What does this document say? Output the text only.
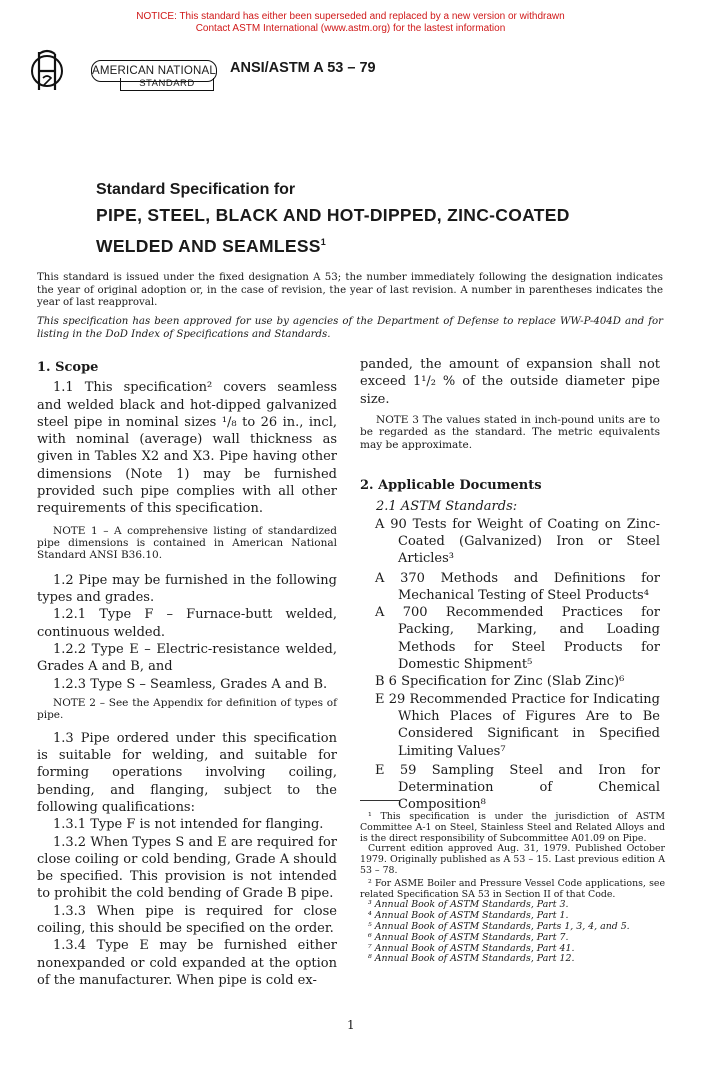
NOTICE: This standard has either been superseded and replaced by a new version or withdrawn
Contact ASTM International (www.astm.org) for the lastest information
AMERICAN NATIONAL
STANDARD
ANSI/ASTM A 53 – 79
Standard Specification for
PIPE, STEEL, BLACK AND HOT-DIPPED, ZINC-COATED
WELDED AND SEAMLESS$^1$
This standard is issued under the fixed designation A 53; the number immediately following the designation indicates the year of original adoption or, in the case of revision, the year of last revision. A number in parentheses indicates the year of last reapproval.
This specification has been approved for use by agencies of the Department of Defense to replace WW-P-404D and for listing in the DoD Index of Specifications and Standards.

1. Scope

1.1 This specification² covers seamless and welded black and hot-dipped galvanized steel pipe in nominal sizes ¹/₈ to 26 in., incl, with nominal (average) wall thickness as given in Tables X2 and X3. Pipe having other dimensions (Note 1) may be furnished provided such pipe complies with all other requirements of this specification.

NOTE 1 – A comprehensive listing of standardized pipe dimensions is contained in American National Standard ANSI B36.10.

1.2 Pipe may be furnished in the following types and grades.

1.2.1 Type F – Furnace-butt welded, continuous welded.

1.2.2 Type E – Electric-resistance welded, Grades A and B, and

1.2.3 Type S – Seamless, Grades A and B.

NOTE 2 – See the Appendix for definition of types of pipe.

1.3 Pipe ordered under this specification is suitable for welding, and suitable for forming operations involving coiling, bending, and flanging, subject to the following qualifications:

1.3.1 Type F is not intended for flanging.

1.3.2 When Types S and E are required for close coiling or cold bending, Grade A should be specified. This provision is not intended to prohibit the cold bending of Grade B pipe.

1.3.3 When pipe is required for close coiling, this should be specified on the order.

1.3.4 Type E may be furnished either nonexpanded or cold expanded at the option of the manufacturer. When pipe is cold ex-

panded, the amount of expansion shall not exceed 1¹/₂ % of the outside diameter pipe size.

NOTE 3 The values stated in inch-pound units are to be regarded as the standard. The metric equivalents may be approximate.

2. Applicable Documents

2.1 ASTM Standards:

A 90 Tests for Weight of Coating on Zinc-Coated (Galvanized) Iron or Steel Articles³

A 370 Methods and Definitions for Mechanical Testing of Steel Products⁴

A 700 Recommended Practices for Packing, Marking, and Loading Methods for Steel Products for Domestic Shipment⁵

B 6 Specification for Zinc (Slab Zinc)⁶

E 29 Recommended Practice for Indicating Which Places of Figures Are to Be Considered Significant in Specified Limiting Values⁷

E 59 Sampling Steel and Iron for Determination of Chemical Composition⁸

¹ This specification is under the jurisdiction of ASTM Committee A-1 on Steel, Stainless Steel and Related Alloys and is the direct responsibility of Subcommittee A01.09 on Pipe.

Current edition approved Aug. 31, 1979. Published October 1979. Originally published as A 53 – 15. Last previous edition A 53 – 78.

² For ASME Boiler and Pressure Vessel Code applications, see related Specification SA 53 in Section II of that Code.

³ Annual Book of ASTM Standards, Part 3.

⁴ Annual Book of ASTM Standards, Part 1.

⁵ Annual Book of ASTM Standards, Parts 1, 3, 4, and 5.

⁶ Annual Book of ASTM Standards, Part 7.

⁷ Annual Book of ASTM Standards, Part 41.

⁸ Annual Book of ASTM Standards, Part 12.

1
